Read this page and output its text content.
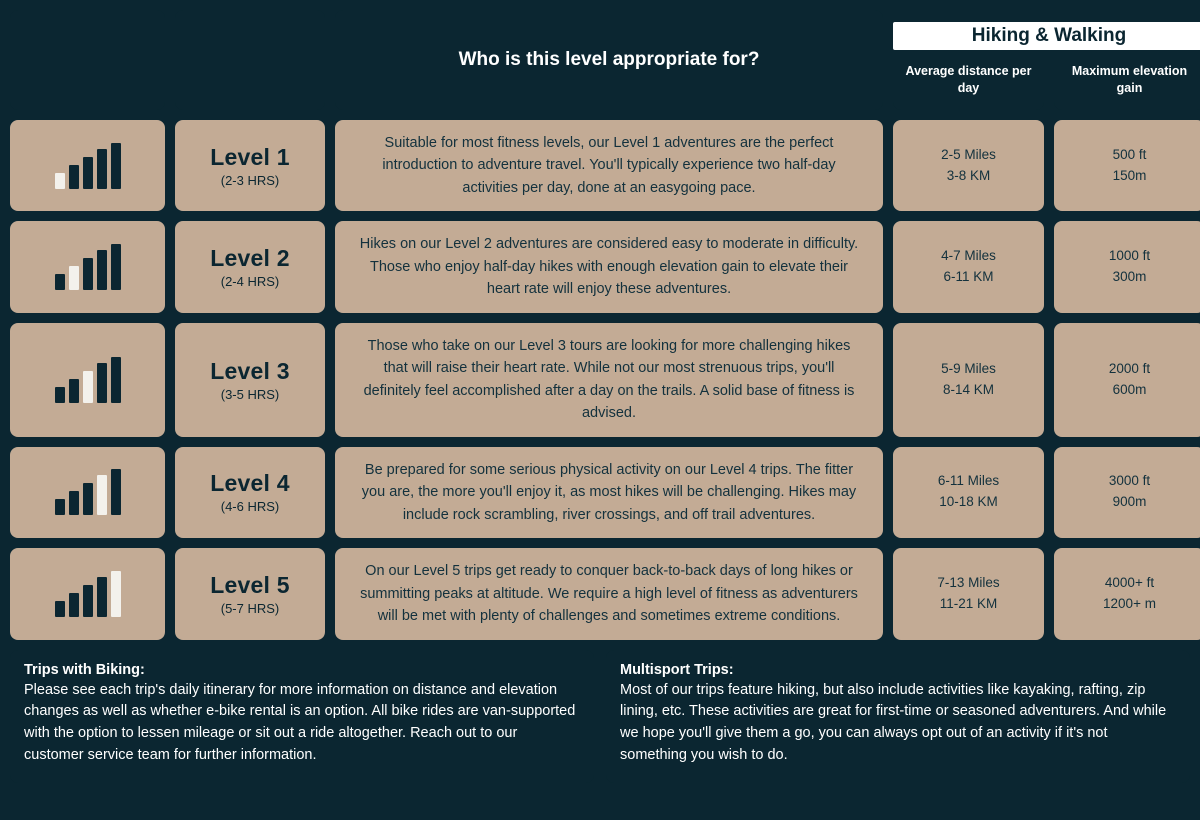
Who is this level appropriate for?
Hiking & Walking
Average distance per day
Maximum elevation gain
Level 1
(2-3 HRS)
Suitable for most fitness levels, our Level 1 adventures are the perfect introduction to adventure travel. You'll typically experience two half-day activities per day, done at an easygoing pace.
2-5 Miles
3-8 KM
500 ft
150m
Level 2
(2-4 HRS)
Hikes on our Level 2 adventures are considered easy to moderate in difficulty. Those who enjoy half-day hikes with enough elevation gain to elevate their heart rate will enjoy these adventures.
4-7 Miles
6-11 KM
1000 ft
300m
Level 3
(3-5 HRS)
Those who take on our Level 3 tours are looking for more challenging hikes that will raise their heart rate. While not our most strenuous trips, you'll definitely feel accomplished after a day on the trails. A solid base of fitness is advised.
5-9 Miles
8-14 KM
2000 ft
600m
Level 4
(4-6 HRS)
Be prepared for some serious physical activity on our Level 4 trips. The fitter you are, the more you'll enjoy it, as most hikes will be challenging. Hikes may include rock scrambling, river crossings, and off trail adventures.
6-11 Miles
10-18 KM
3000 ft
900m
Level 5
(5-7 HRS)
On our Level 5 trips get ready to conquer back-to-back days of long hikes or summitting peaks at altitude. We require a high level of fitness as adventurers will be met with plenty of challenges and sometimes extreme conditions.
7-13 Miles
11-21 KM
4000+ ft
1200+ m
Trips with Biking:
Please see each trip's daily itinerary for more information on distance and elevation changes as well as whether e-bike rental is an option. All bike rides are van-supported with the option to lessen mileage or sit out a ride altogether. Reach out to our customer service team for further information.
Multisport Trips:
Most of our trips feature hiking, but also include activities like kayaking, rafting, zip lining, etc. These activities are great for first-time or seasoned adventurers. And while we hope you'll give them a go, you can always opt out of an activity if it's not something you wish to do.
